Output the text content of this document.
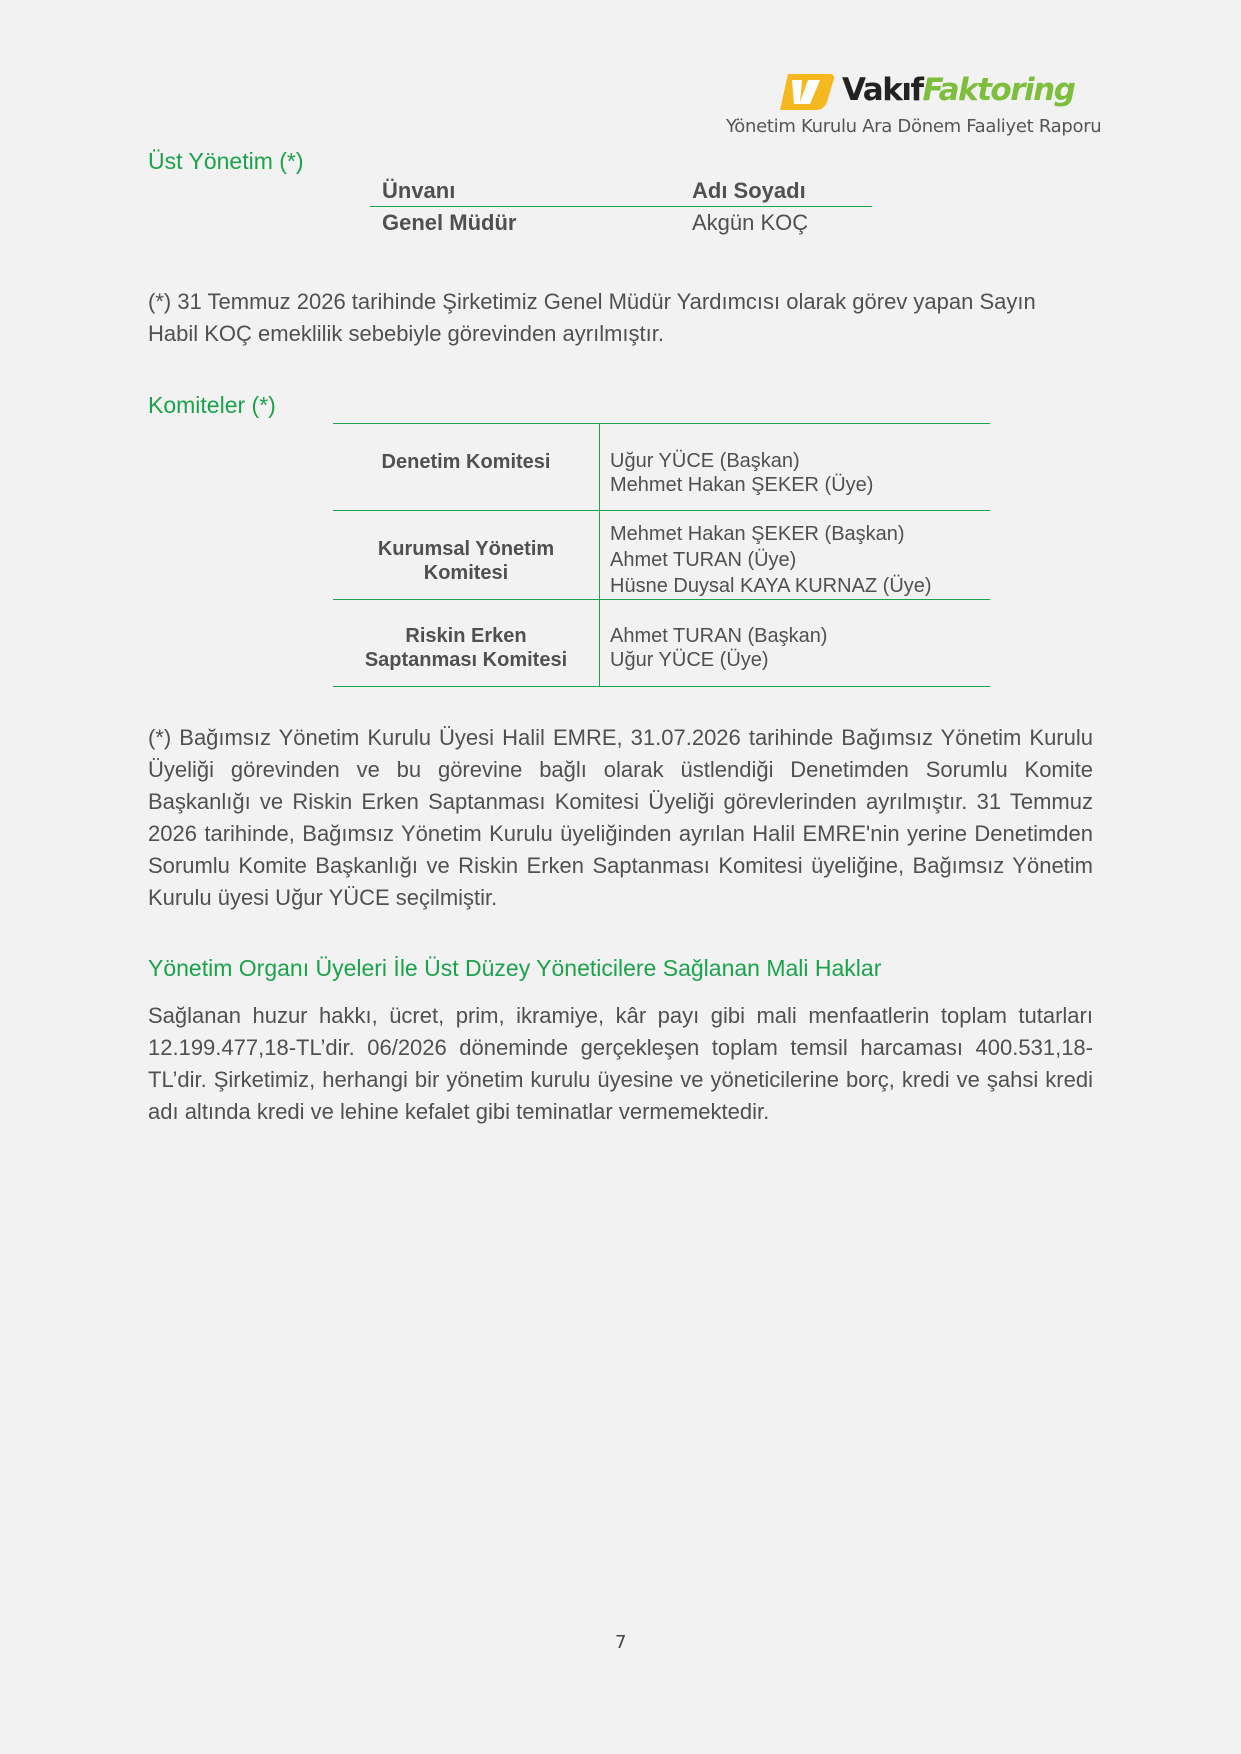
VakıfFaktoring
Yönetim Kurulu Ara Dönem Faaliyet Raporu
Üst Yönetim (*)
Ünvanı	Adı Soyadı
Genel Müdür	Akgün KOÇ
(*) 31 Temmuz 2026 tarihinde Şirketimiz Genel Müdür Yardımcısı olarak görev yapan Sayın Habil KOÇ emeklilik sebebiyle görevinden ayrılmıştır.
Komiteler (*)
Denetim Komitesi	Uğur YÜCE (Başkan)
Mehmet Hakan ŞEKER (Üye)

Kurumsal Yönetim Komitesi	Mehmet Hakan ŞEKER (Başkan)
Ahmet TURAN (Üye)
Hüsne Duysal KAYA KURNAZ (Üye)

Riskin Erken Saptanması Komitesi	Ahmet TURAN (Başkan)
Uğur YÜCE (Üye)
(*) Bağımsız Yönetim Kurulu Üyesi Halil EMRE, 31.07.2026 tarihinde Bağımsız Yönetim Kurulu Üyeliği görevinden ve bu görevine bağlı olarak üstlendiği Denetimden Sorumlu Komite Başkanlığı ve Riskin Erken Saptanması Komitesi Üyeliği görevlerinden ayrılmıştır. 31 Temmuz 2026 tarihinde, Bağımsız Yönetim Kurulu üyeliğinden ayrılan Halil EMRE'nin yerine Denetimden Sorumlu Komite Başkanlığı ve Riskin Erken Saptanması Komitesi üyeliğine, Bağımsız Yönetim Kurulu üyesi Uğur YÜCE seçilmiştir.
Yönetim Organı Üyeleri İle Üst Düzey Yöneticilere Sağlanan Mali Haklar
Sağlanan huzur hakkı, ücret, prim, ikramiye, kâr payı gibi mali menfaatlerin toplam tutarları 12.199.477,18-TL’dir. 06/2026 döneminde gerçekleşen toplam temsil harcaması 400.531,18-TL’dir. Şirketimiz, herhangi bir yönetim kurulu üyesine ve yöneticilerine borç, kredi ve şahsi kredi adı altında kredi ve lehine kefalet gibi teminatlar vermemektedir.
7
